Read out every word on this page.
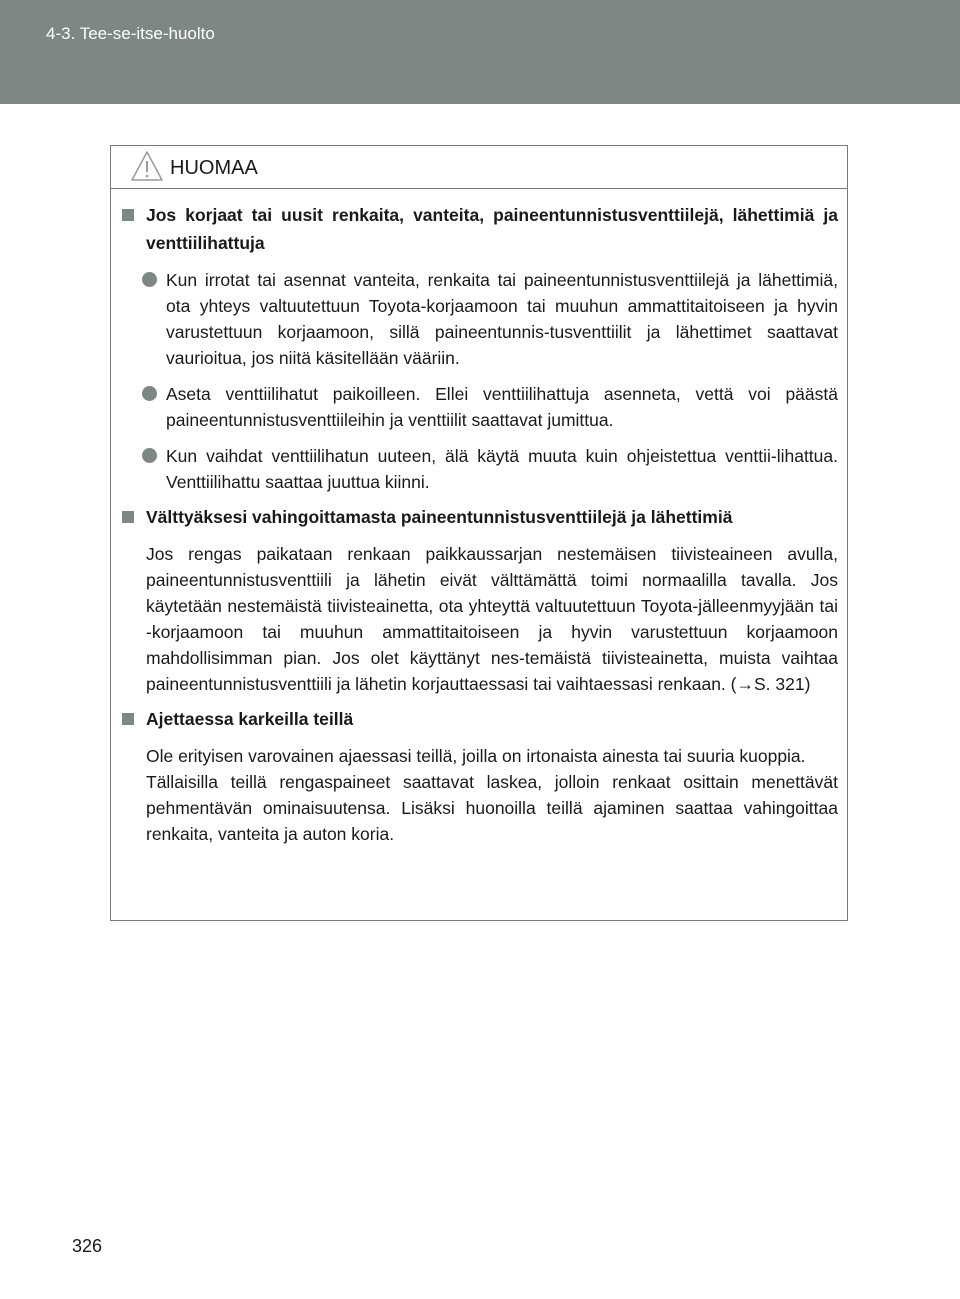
4-3. Tee-se-itse-huolto
HUOMAA
Jos korjaat tai uusit renkaita, vanteita, paineentunnistusventtiilejä, lähettimiä ja venttiilihattuja
Kun irrotat tai asennat vanteita, renkaita tai paineentunnistusventtiilejä ja lähettimiä, ota yhteys valtuutettuun Toyota-korjaamoon tai muuhun ammattitaitoiseen ja hyvin varustettuun korjaamoon, sillä paineentunnis-tusventtiilit ja lähettimet saattavat vaurioitua, jos niitä käsitellään vääriin.
Aseta venttiilihatut paikoilleen. Ellei venttiilihattuja asenneta, vettä voi päästä paineentunnistusventtiileihin ja venttiilit saattavat jumittua.
Kun vaihdat venttiilihatun uuteen, älä käytä muuta kuin ohjeistettua venttii-lihattua. Venttiilihattu saattaa juuttua kiinni.
Välttyäksesi vahingoittamasta paineentunnistusventtiilejä ja lähettimiä
Jos rengas paikataan renkaan paikkaussarjan nestemäisen tiivisteaineen avulla, paineentunnistusventtiili ja lähetin eivät välttämättä toimi normaalilla tavalla. Jos käytetään nestemäistä tiivisteainetta, ota yhteyttä valtuutettuun Toyota-jälleenmyyjään tai -korjaamoon tai muuhun ammattitaitoiseen ja hyvin varustettuun korjaamoon mahdollisimman pian. Jos olet käyttänyt nes-temäistä tiivisteainetta, muista vaihtaa paineentunnistusventtiili ja lähetin korjauttaessasi tai vaihtaessasi renkaan. (→S. 321)
Ajettaessa karkeilla teillä
Ole erityisen varovainen ajaessasi teillä, joilla on irtonaista ainesta tai suuria kuoppia.
Tällaisilla teillä rengaspaineet saattavat laskea, jolloin renkaat osittain menettävät pehmentävän ominaisuutensa. Lisäksi huonoilla teillä ajaminen saattaa vahingoittaa renkaita, vanteita ja auton koria.
326
